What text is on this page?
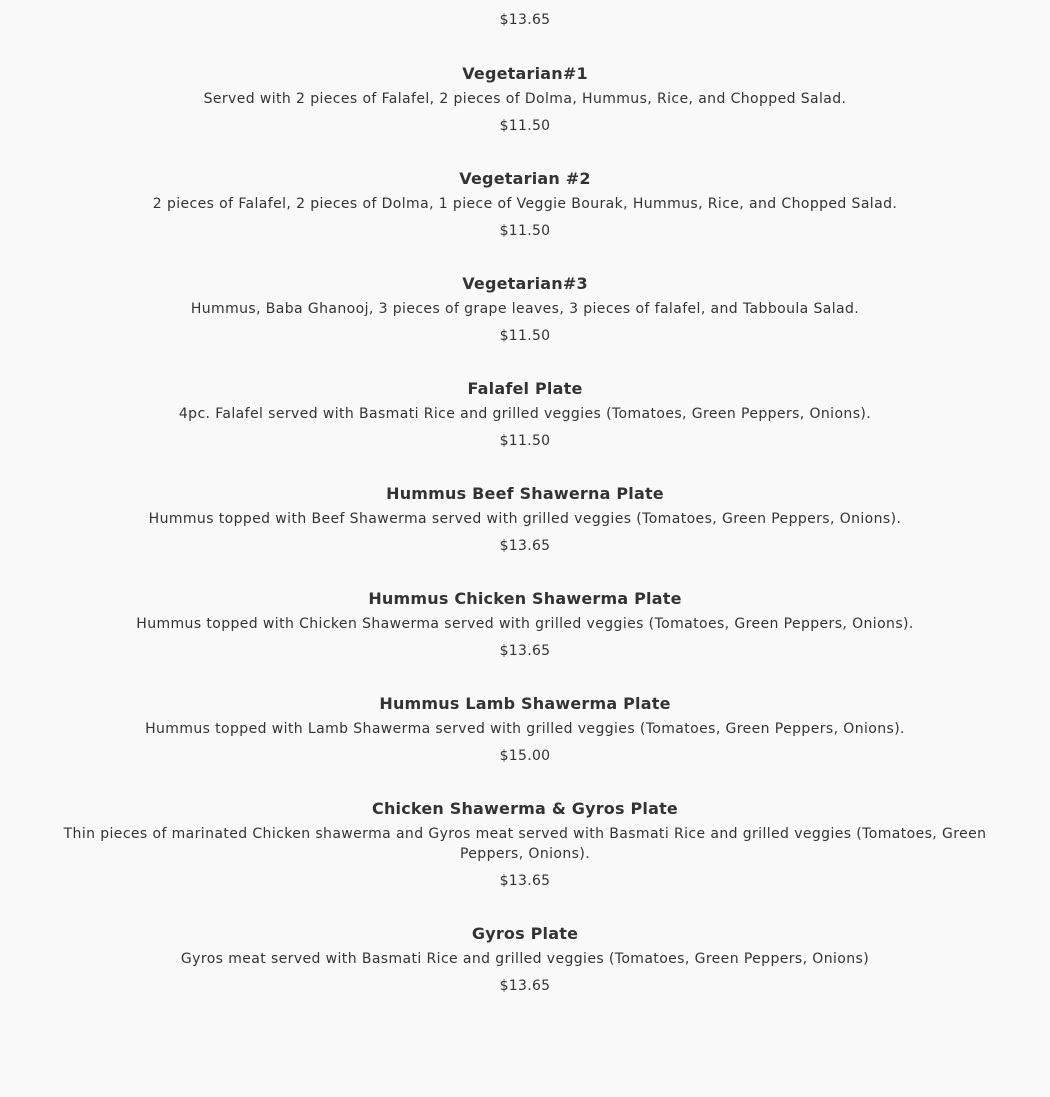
$13.65

Vegetarian#1

Served with 2 pieces of Falafel, 2 pieces of Dolma, Hummus, Rice, and Chopped Salad.

$11.50

Vegetarian #2

2 pieces of Falafel, 2 pieces of Dolma, 1 piece of Veggie Bourak, Hummus, Rice, and Chopped Salad.

$11.50

Vegetarian#3

Hummus, Baba Ghanooj, 3 pieces of grape leaves, 3 pieces of falafel, and Tabboula Salad.

$11.50

Falafel Plate

4pc. Falafel served with Basmati Rice and grilled veggies (Tomatoes, Green Peppers, Onions).

$11.50

Hummus Beef Shawerna Plate

Hummus topped with Beef Shawerma served with grilled veggies (Tomatoes, Green Peppers, Onions).

$13.65

Hummus Chicken Shawerma Plate

Hummus topped with Chicken Shawerma served with grilled veggies (Tomatoes, Green Peppers, Onions).

$13.65

Hummus Lamb Shawerma Plate

Hummus topped with Lamb Shawerma served with grilled veggies (Tomatoes, Green Peppers, Onions).

$15.00

Chicken Shawerma & Gyros Plate

Thin pieces of marinated Chicken shawerma and Gyros meat served with Basmati Rice and grilled veggies (Tomatoes, Green Peppers, Onions).

$13.65

Gyros Plate

Gyros meat served with Basmati Rice and grilled veggies (Tomatoes, Green Peppers, Onions)

$13.65
